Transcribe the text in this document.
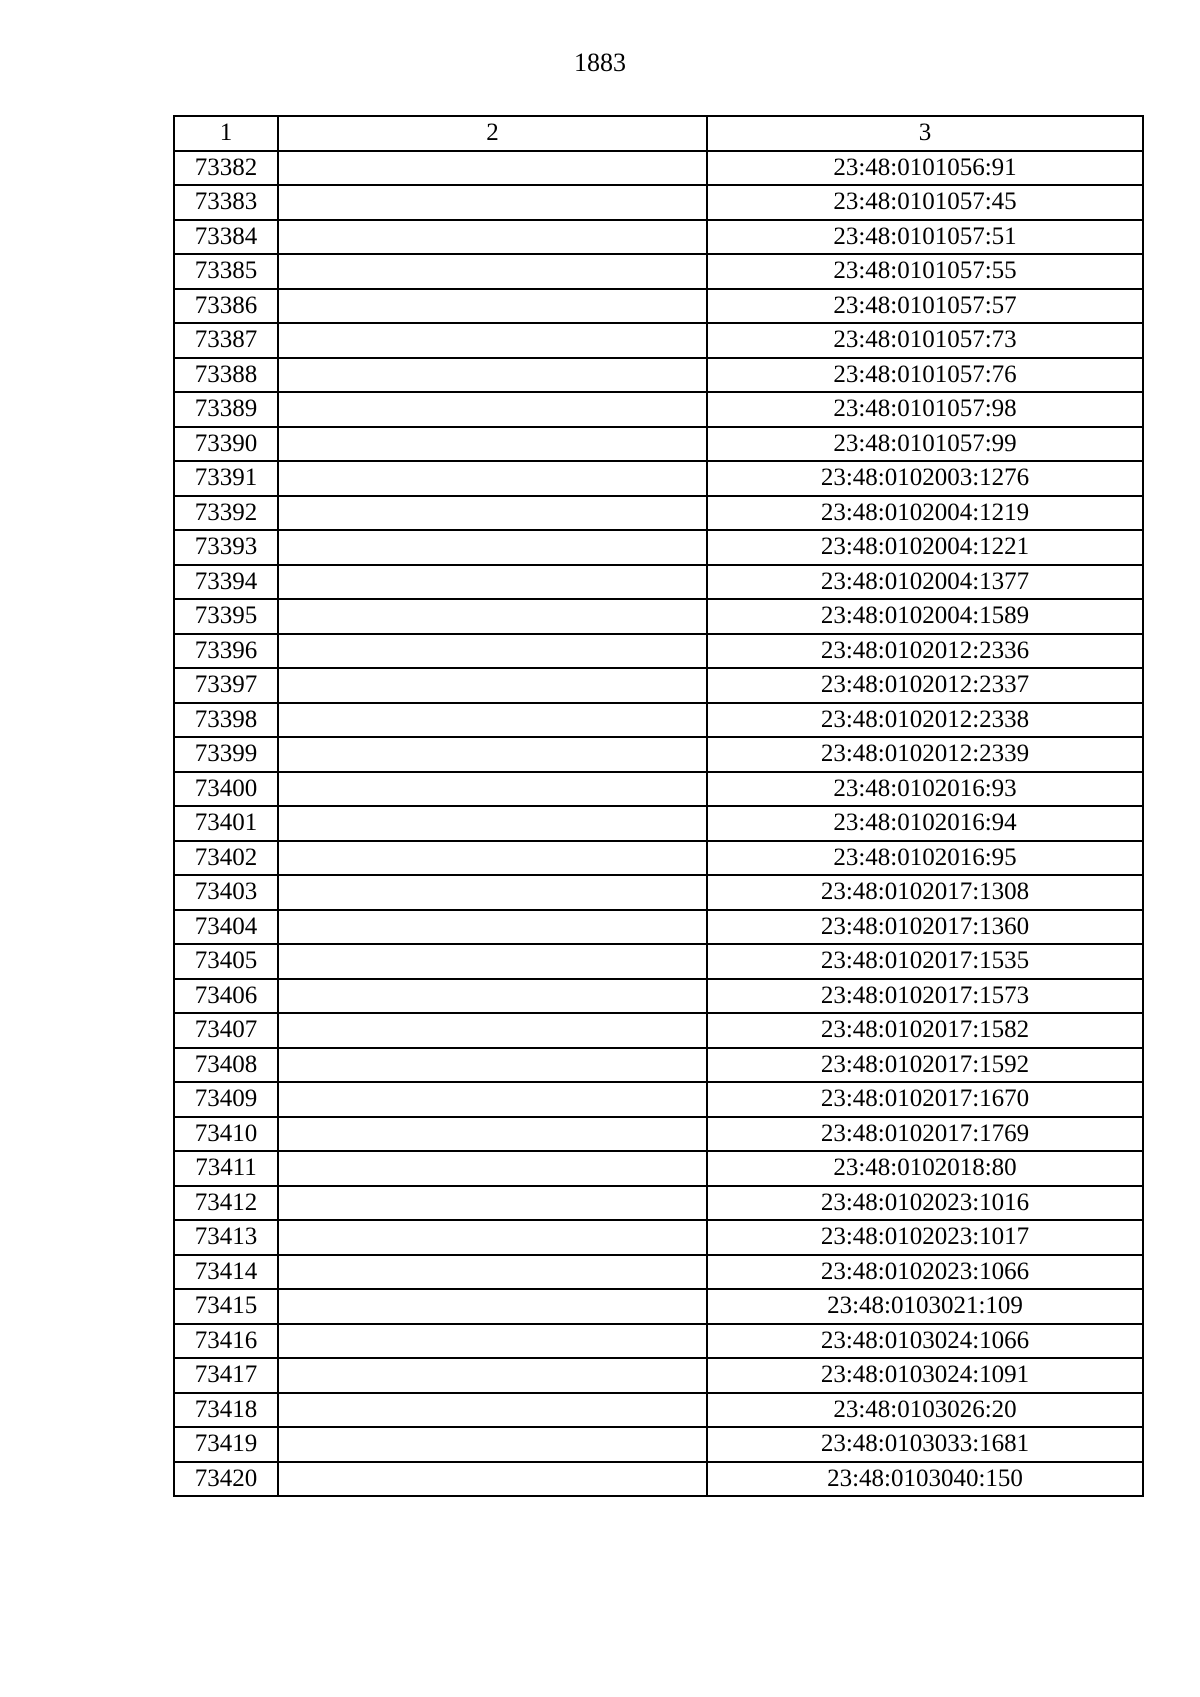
1883
1	2	3
73382		23:48:0101056:91
73383		23:48:0101057:45
73384		23:48:0101057:51
73385		23:48:0101057:55
73386		23:48:0101057:57
73387		23:48:0101057:73
73388		23:48:0101057:76
73389		23:48:0101057:98
73390		23:48:0101057:99
73391		23:48:0102003:1276
73392		23:48:0102004:1219
73393		23:48:0102004:1221
73394		23:48:0102004:1377
73395		23:48:0102004:1589
73396		23:48:0102012:2336
73397		23:48:0102012:2337
73398		23:48:0102012:2338
73399		23:48:0102012:2339
73400		23:48:0102016:93
73401		23:48:0102016:94
73402		23:48:0102016:95
73403		23:48:0102017:1308
73404		23:48:0102017:1360
73405		23:48:0102017:1535
73406		23:48:0102017:1573
73407		23:48:0102017:1582
73408		23:48:0102017:1592
73409		23:48:0102017:1670
73410		23:48:0102017:1769
73411		23:48:0102018:80
73412		23:48:0102023:1016
73413		23:48:0102023:1017
73414		23:48:0102023:1066
73415		23:48:0103021:109
73416		23:48:0103024:1066
73417		23:48:0103024:1091
73418		23:48:0103026:20
73419		23:48:0103033:1681
73420		23:48:0103040:150
